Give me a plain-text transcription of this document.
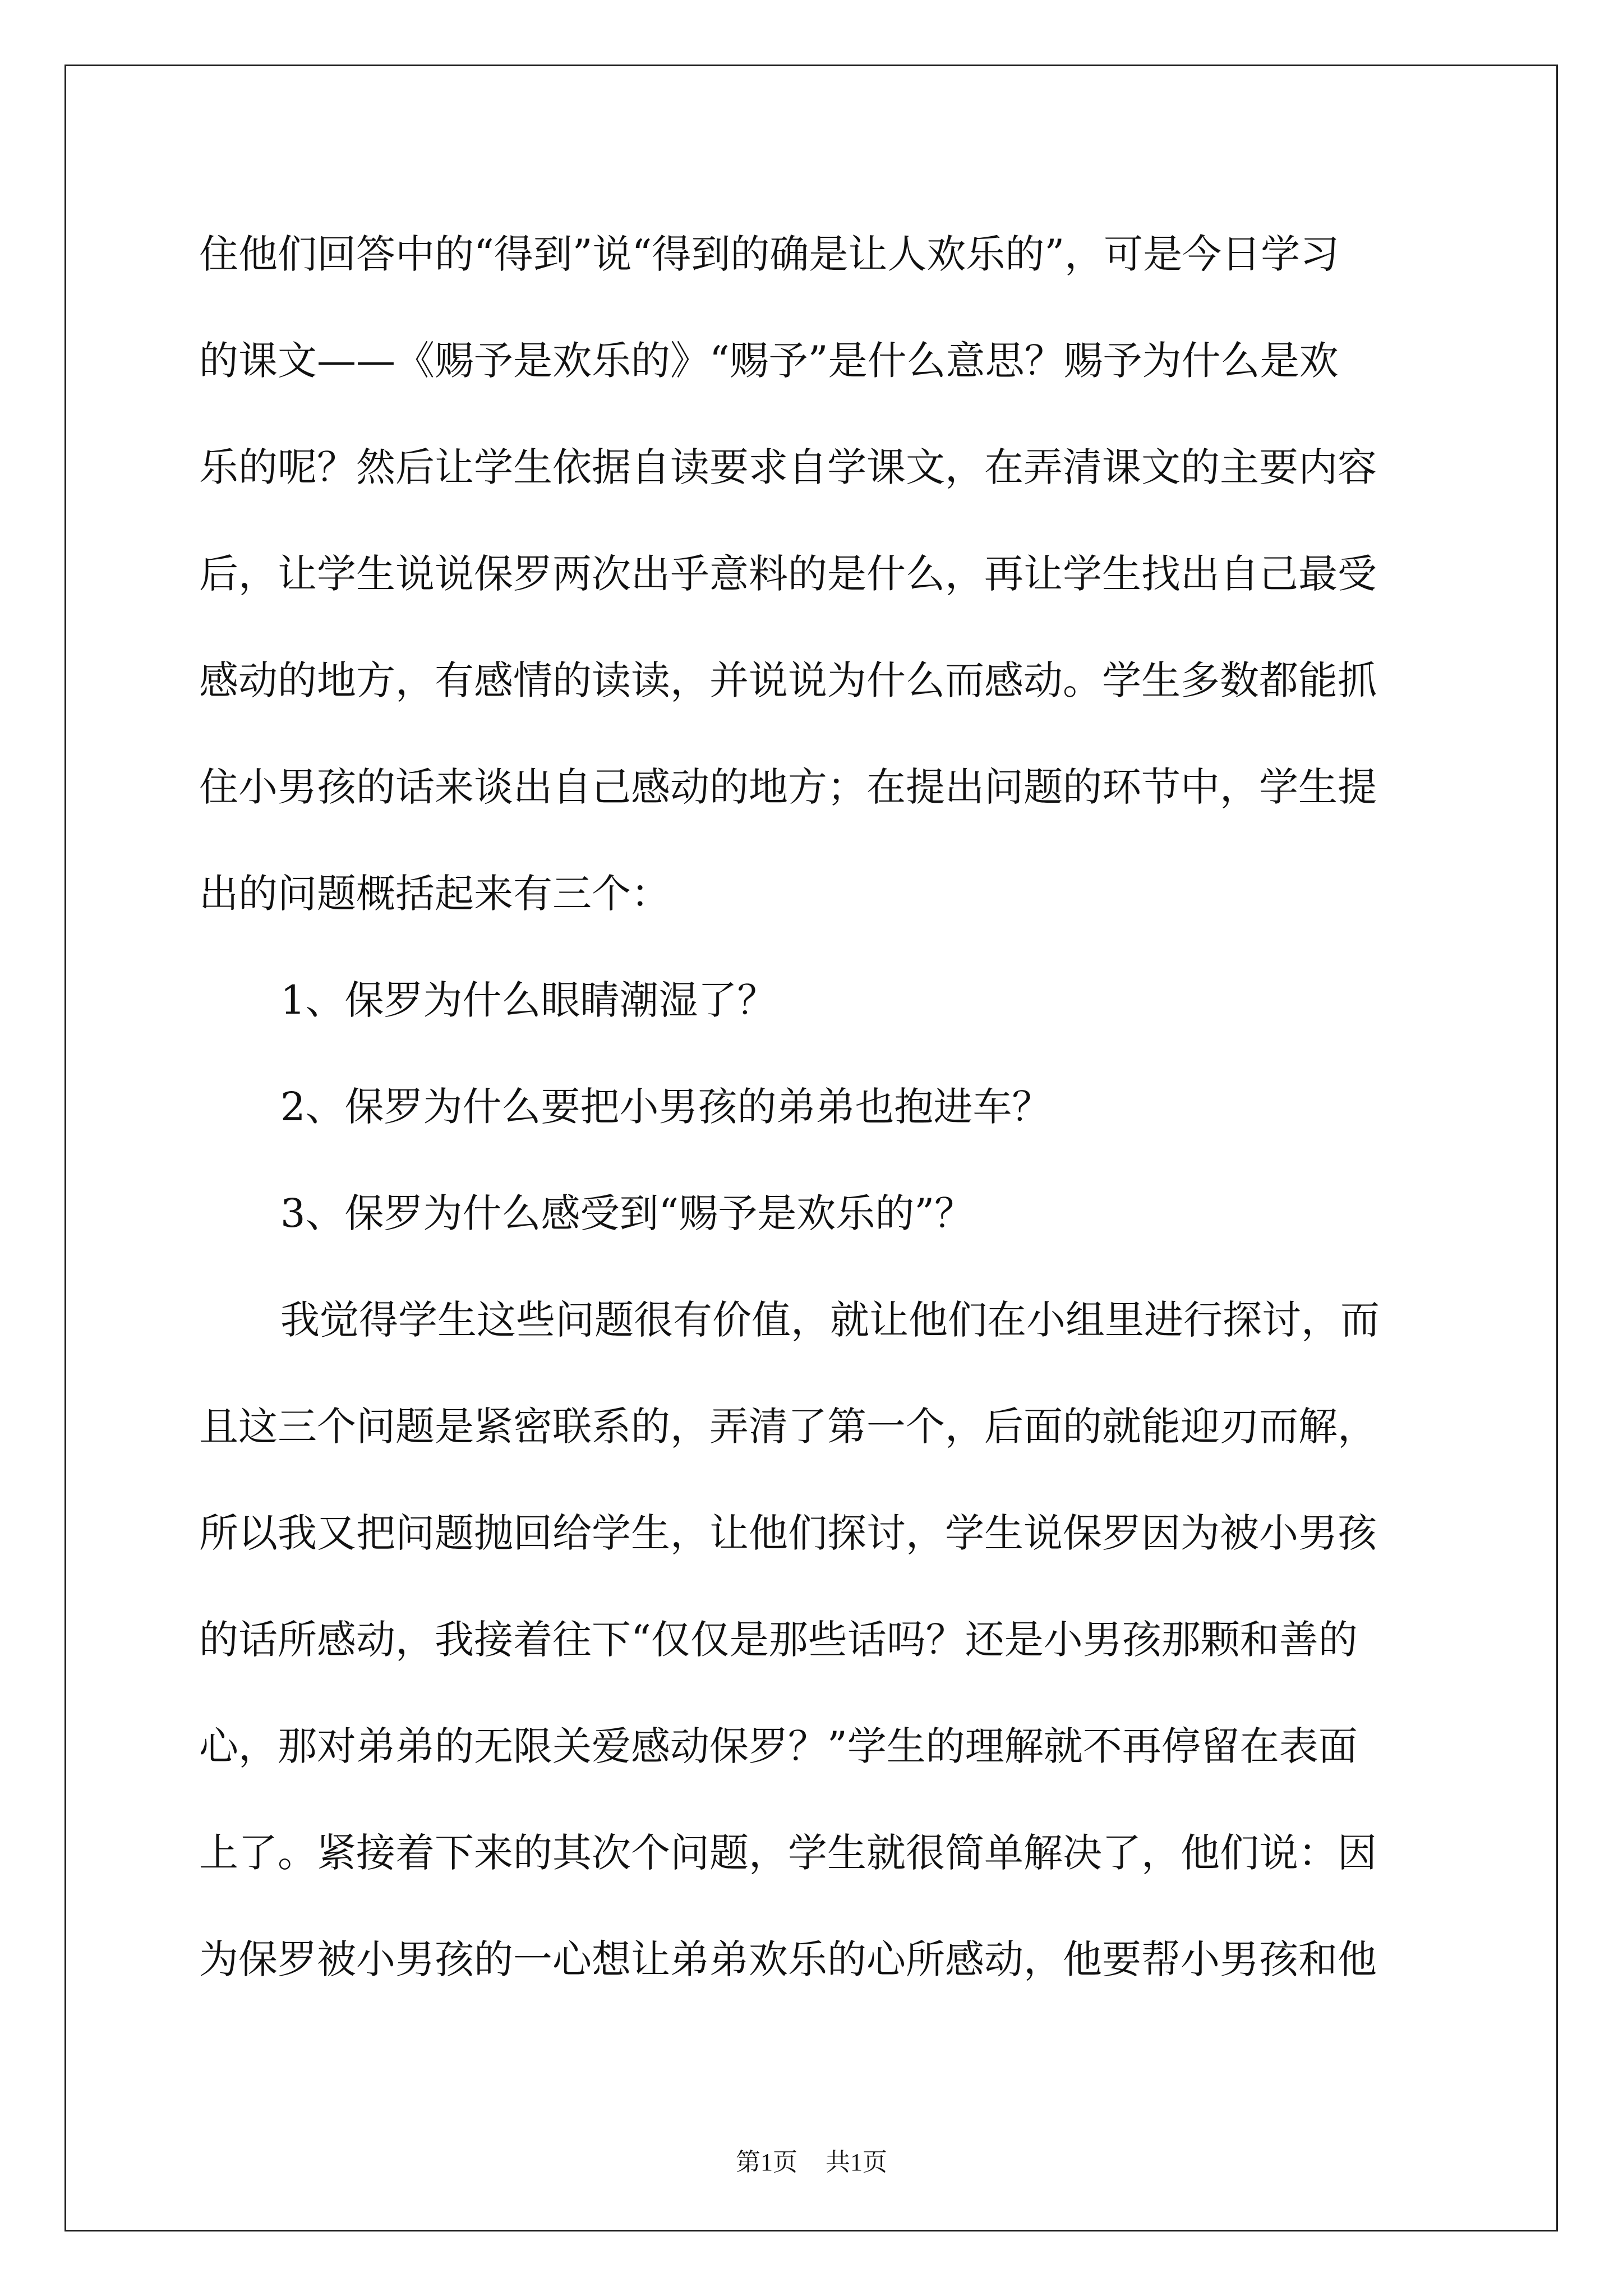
住他们回答中的“得到”说“得到的确是让人欢乐的”，可是今日学习
的课文——《赐予是欢乐的》“赐予”是什么意思？赐予为什么是欢
乐的呢？然后让学生依据自读要求自学课文，在弄清课文的主要内容
后，让学生说说保罗两次出乎意料的是什么，再让学生找出自己最受
感动的地方，有感情的读读，并说说为什么而感动。学生多数都能抓
住小男孩的话来谈出自己感动的地方；在提出问题的环节中，学生提
出的问题概括起来有三个：
1、保罗为什么眼睛潮湿了？
2、保罗为什么要把小男孩的弟弟也抱进车？
3、保罗为什么感受到“赐予是欢乐的”？
我觉得学生这些问题很有价值，就让他们在小组里进行探讨，而
且这三个问题是紧密联系的，弄清了第一个，后面的就能迎刃而解，
所以我又把问题抛回给学生，让他们探讨，学生说保罗因为被小男孩
的话所感动，我接着往下“仅仅是那些话吗？还是小男孩那颗和善的
心，那对弟弟的无限关爱感动保罗？”学生的理解就不再停留在表面
上了。紧接着下来的其次个问题，学生就很简单解决了，他们说：因
为保罗被小男孩的一心想让弟弟欢乐的心所感动，他要帮小男孩和他
第1页 共1页
